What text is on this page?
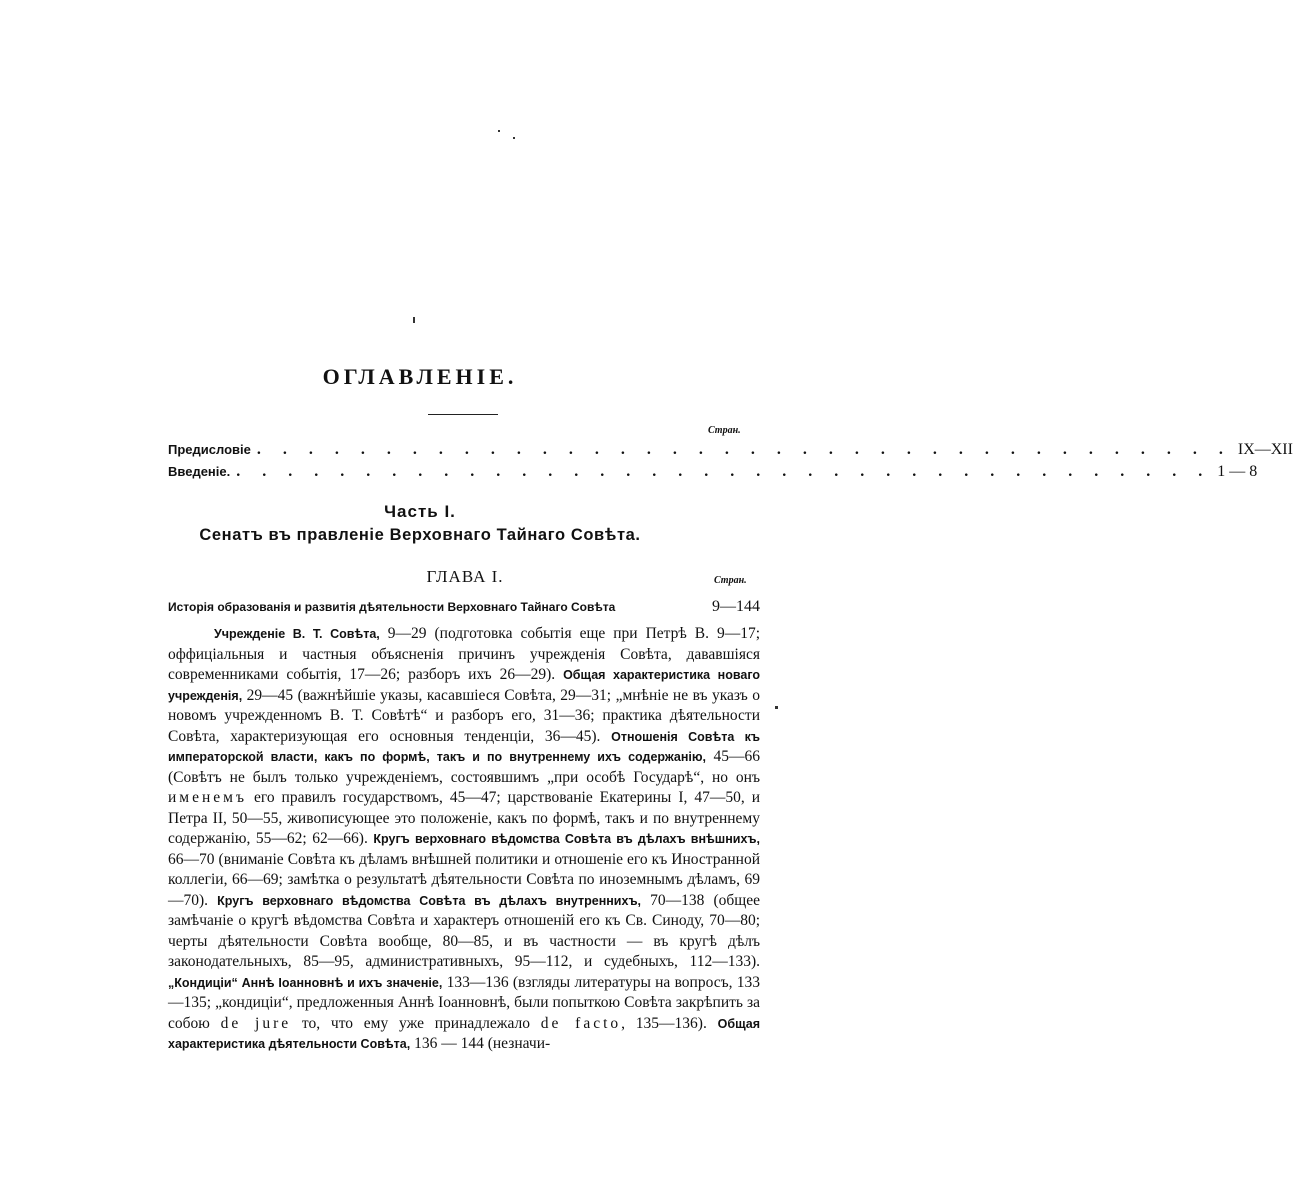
ОГЛАВЛЕНІЕ.
Стран.
Предисловіе . . . . . . . . . . . . . . . . . . . . . . . . . . . . . . . . . . . . . . IX—XII
Введеніе. . . . . . . . . . . . . . . . . . . . . . . . . . . . . . . . . . . . . . . 1 — 8
Часть I.
Сенатъ въ правленіе Верховнаго Тайнаго Совѣта.
ГЛАВА I.	Стран.
Исторія образованія и развитія дѣятельности Верховнаго Тайнаго Совѣта	9—144
Учрежденіе В. Т. Совѣта, 9—29 (подготовка событія еще при Петрѣ В. 9—17; оффиціальныя и частныя объясненія причинъ учрежденія Совѣта, дававшіяся современниками событія, 17—26; разборъ ихъ 26—29). Общая характеристика новаго учрежденія, 29—45 (важнѣйшіе указы, касавшіеся Совѣта, 29—31; „мнѣніе не въ указъ о новомъ учрежденномъ В. Т. Совѣтѣ“ и разборъ его, 31—36; практика дѣятельности Совѣта, характеризующая его основныя тенденціи, 36—45). Отношенія Совѣта къ императорской власти, какъ по формѣ, такъ и по внутреннему ихъ содержанію, 45—66 (Совѣтъ не былъ только учрежденіемъ, состоявшимъ „при особѣ Государѣ“, но онъ именемъ его правилъ государствомъ, 45—47; царствованіе Екатерины I, 47—50, и Петра II, 50—55, живописующее это положеніе, какъ по формѣ, такъ и по внутреннему содержанію, 55—62; 62—66). Кругъ верховнаго вѣдомства Совѣта въ дѣлахъ внѣшнихъ, 66—70 (вниманіе Совѣта къ дѣламъ внѣшней политики и отношеніе его къ Иностранной коллегіи, 66—69; замѣтка о результатѣ дѣятельности Совѣта по иноземнымъ дѣламъ, 69—70). Кругъ верховнаго вѣдомства Совѣта въ дѣлахъ внутреннихъ, 70—138 (общее замѣчаніе о кругѣ вѣдомства Совѣта и характеръ отношеній его къ Св. Синоду, 70—80; черты дѣятельности Совѣта вообще, 80—85, и въ частности — въ кругѣ дѣлъ законодательныхъ, 85—95, административныхъ, 95—112, и судебныхъ, 112—133). „Кондиціи“ Аннѣ Іоанновнѣ и ихъ значеніе, 133—136 (взгляды литературы на вопросъ, 133—135; „кондиціи“, предложенныя Аннѣ Іоанновнѣ, были попыткою Совѣта закрѣпить за собою de jure то, что ему уже принадлежало de facto, 135—136). Общая характеристика дѣятельности Совѣта, 136 — 144 (незначи-
